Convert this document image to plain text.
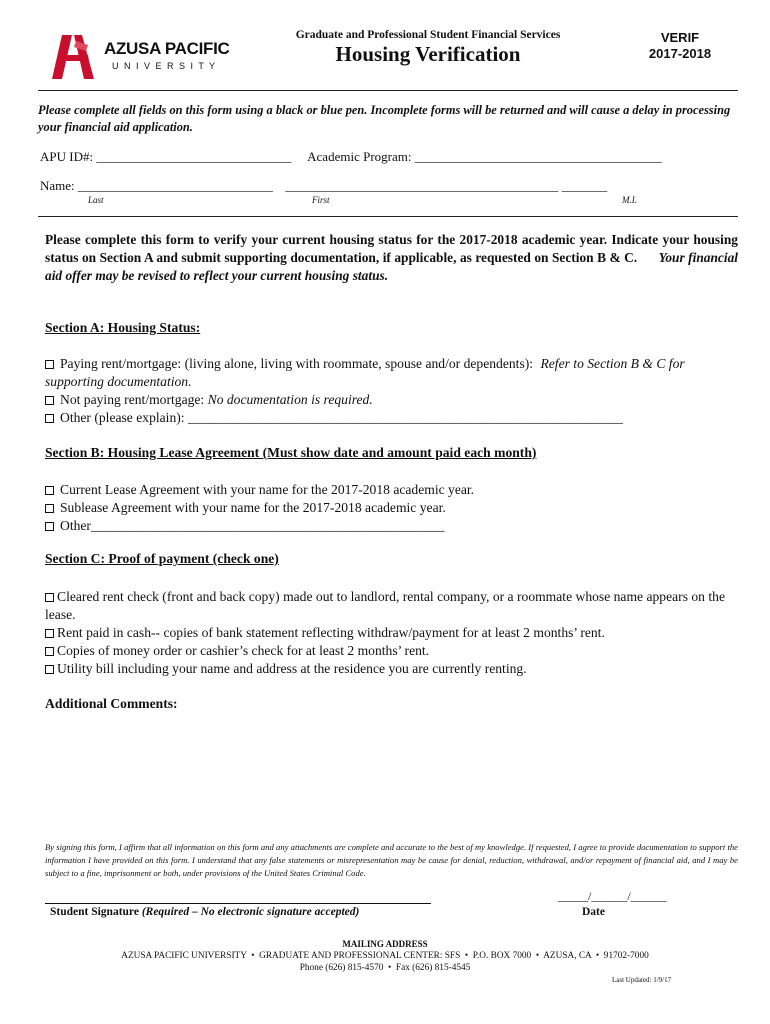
AZUSA PACIFIC
U N I V E R S I T Y
Graduate and Professional Student Financial Services
Housing Verification
VERIF
2017-2018
Please complete all fields on this form using a black or blue pen. Incomplete forms will be returned and will cause a delay in processing your financial aid application.
APU ID#: ______________________________ Academic Program: ______________________________________
Name: ______________________________ __________________________________________ _______
Last	First	M.I.
Please complete this form to verify your current housing status for the 2017-2018 academic year. Indicate your housing status on Section A and submit supporting documentation, if applicable, as requested on Section B & C. Your financial aid offer may be revised to reflect your current housing status.
Section A: Housing Status:
Paying rent/mortgage: (living alone, living with roommate, spouse and/or dependents): Refer to Section B & C for supporting documentation.
Not paying rent/mortgage: No documentation is required.
Other (please explain): ________________________________________________________________
Section B: Housing Lease Agreement (Must show date and amount paid each month)
Current Lease Agreement with your name for the 2017-2018 academic year.
Sublease Agreement with your name for the 2017-2018 academic year.
Other____________________________________________________
Section C: Proof of payment (check one)
Cleared rent check (front and back copy) made out to landlord, rental company, or a roommate whose name appears on the lease.
Rent paid in cash-- copies of bank statement reflecting withdraw/payment for at least 2 months’ rent.
Copies of money order or cashier’s check for at least 2 months’ rent.
Utility bill including your name and address at the residence you are currently renting.
Additional Comments:
By signing this form, I affirm that all information on this form and any attachments are complete and accurate to the best of my knowledge. If requested, I agree to provide documentation to support the information I have provided on this form. I understand that any false statements or misrepresentation may be cause for denial, reduction, withdrawal, and/or repayment of financial aid, and I may be subject to a fine, imprisonment or both, under provisions of the United States Criminal Code.
Student Signature (Required – No electronic signature accepted)
_____/______/______
Date
MAILING ADDRESS
AZUSA PACIFIC UNIVERSITY  •  GRADUATE AND PROFESSIONAL CENTER: SFS  •  P.O. BOX 7000  •  AZUSA, CA  •  91702-7000
Phone (626) 815-4570  •  Fax (626) 815-4545
Last Updated: 1/9/17
